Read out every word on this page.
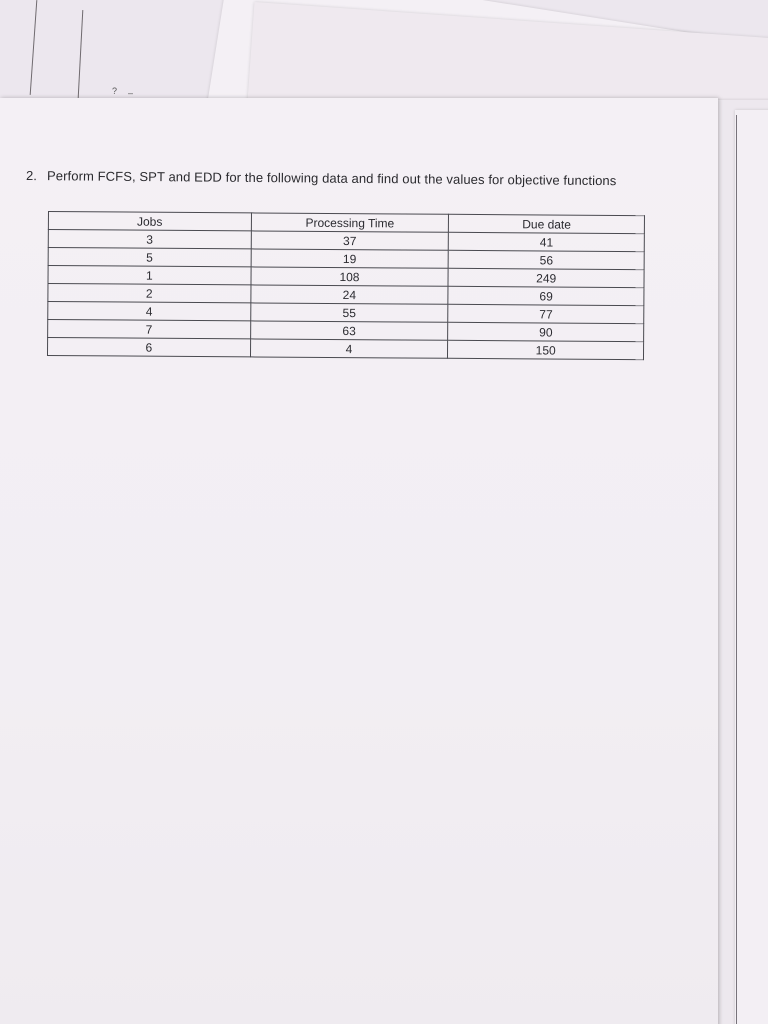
? –
2. Perform FCFS, SPT and EDD for the following data and find out the values for objective functions
Jobs	Processing Time	Due date
3	37	41
5	19	56
1	108	249
2	24	69
4	55	77
7	63	90
6	4	150
